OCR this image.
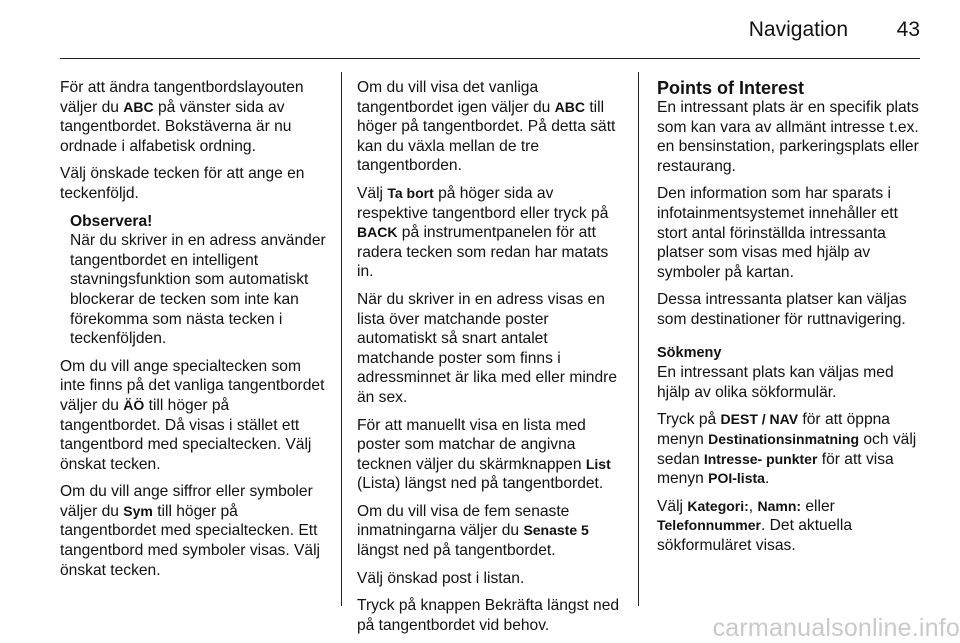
Navigation 43

För att ändra tangentbordslayouten väljer du ABC på vänster sida av tangentbordet. Bokstäverna är nu ordnade i alfabetisk ordning.

Välj önskade tecken för att ange en teckenföljd.

Observera!

När du skriver in en adress använder tangentbordet en intelligent stavningsfunktion som automatiskt blockerar de tecken som inte kan förekomma som nästa tecken i teckenföljden.

Om du vill ange specialtecken som inte finns på det vanliga tangentbordet väljer du ÄÖ till höger på tangentbordet. Då visas i stället ett tangentbord med specialtecken. Välj önskat tecken.

Om du vill ange siffror eller symboler väljer du Sym till höger på tangentbordet med specialtecken. Ett tangentbord med symboler visas. Välj önskat tecken.

Om du vill visa det vanliga tangentbordet igen väljer du ABC till höger på tangentbordet. På detta sätt kan du växla mellan de tre tangentborden.

Välj Ta bort på höger sida av respektive tangentbord eller tryck på BACK på instrumentpanelen för att radera tecken som redan har matats in.

När du skriver in en adress visas en lista över matchande poster automatiskt så snart antalet matchande poster som finns i adressminnet är lika med eller mindre än sex.

För att manuellt visa en lista med poster som matchar de angivna tecknen väljer du skärmknappen List (Lista) längst ned på tangentbordet.

Om du vill visa de fem senaste inmatningarna väljer du Senaste 5 längst ned på tangentbordet.

Välj önskad post i listan.

Tryck på knappen Bekräfta längst ned på tangentbordet vid behov.

Points of Interest

En intressant plats är en specifik plats som kan vara av allmänt intresse t.ex. en bensinstation, parkeringsplats eller restaurang.

Den information som har sparats i infotainmentsystemet innehåller ett stort antal förinställda intressanta platser som visas med hjälp av symboler på kartan.

Dessa intressanta platser kan väljas som destinationer för ruttnavigering.

Sökmeny

En intressant plats kan väljas med hjälp av olika sökformulär.

Tryck på DEST / NAV för att öppna menyn Destinationsinmatning och välj sedan Intresse- punkter för att visa menyn POI-lista.

Välj Kategori:, Namn: eller Telefonnummer. Det aktuella sökformuläret visas.

carmanualsonline.info
